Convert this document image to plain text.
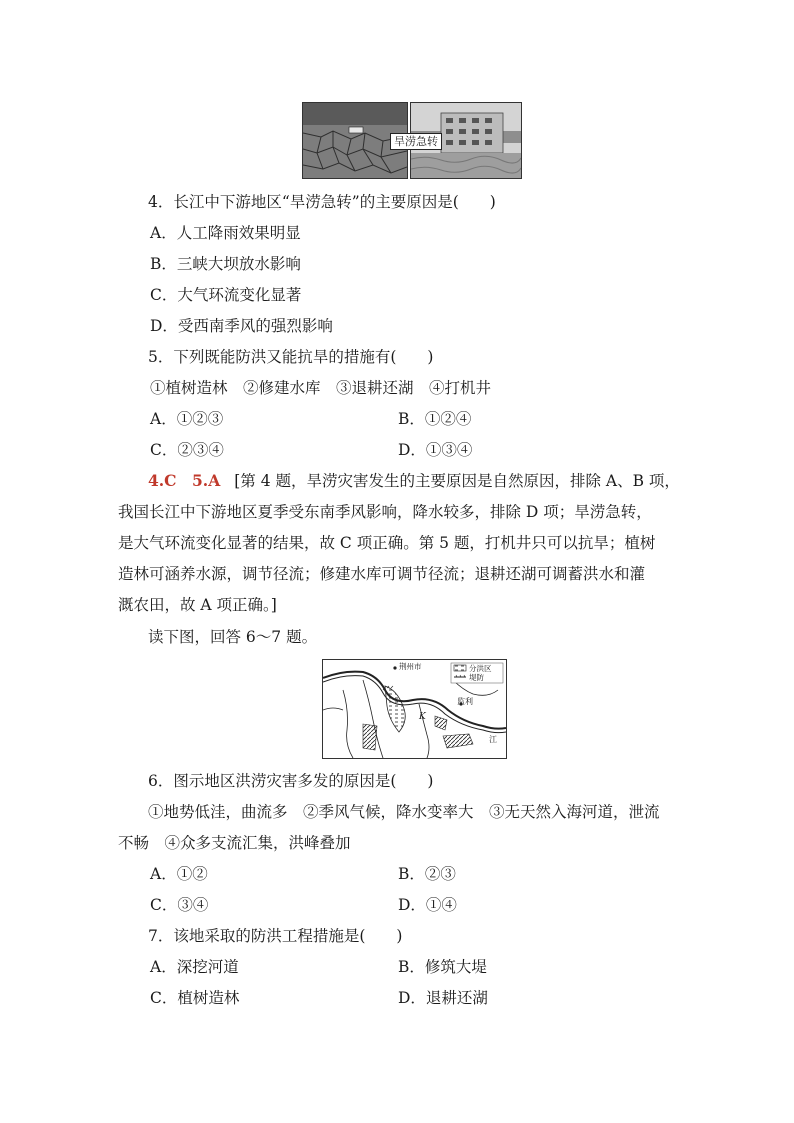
旱涝急转
4．长江中下游地区“旱涝急转”的主要原因是(　　)
A．人工降雨效果明显
B．三峡大坝放水影响
C．大气环流变化显著
D．受西南季风的强烈影响
5．下列既能防洪又能抗旱的措施有(　　)
①植树造林　②修建水库　③退耕还湖　④打机井
A．①②③	B．①②④
C．②③④	D．①③④
4.C　5.A [第 4 题，旱涝灾害发生的主要原因是自然原因，排除 A、B 项，
我国长江中下游地区夏季受东南季风影响，降水较多，排除 D 项；旱涝急转，
是大气环流变化显著的结果，故 C 项正确。第 5 题，打机井只可以抗旱；植树
造林可涵养水源，调节径流；修建水库可调节径流；退耕还湖可调蓄洪水和灌
溉农田，故 A 项正确。]
读下图，回答 6～7 题。
荆州市	分洪区
堤防
监利
K
江
6．图示地区洪涝灾害多发的原因是(　　)
①地势低洼，曲流多　②季风气候，降水变率大　③无天然入海河道，泄流
不畅　④众多支流汇集，洪峰叠加
A．①②	B．②③
C．③④	D．①④
7．该地采取的防洪工程措施是(　　)
A．深挖河道	B．修筑大堤
C．植树造林	D．退耕还湖
